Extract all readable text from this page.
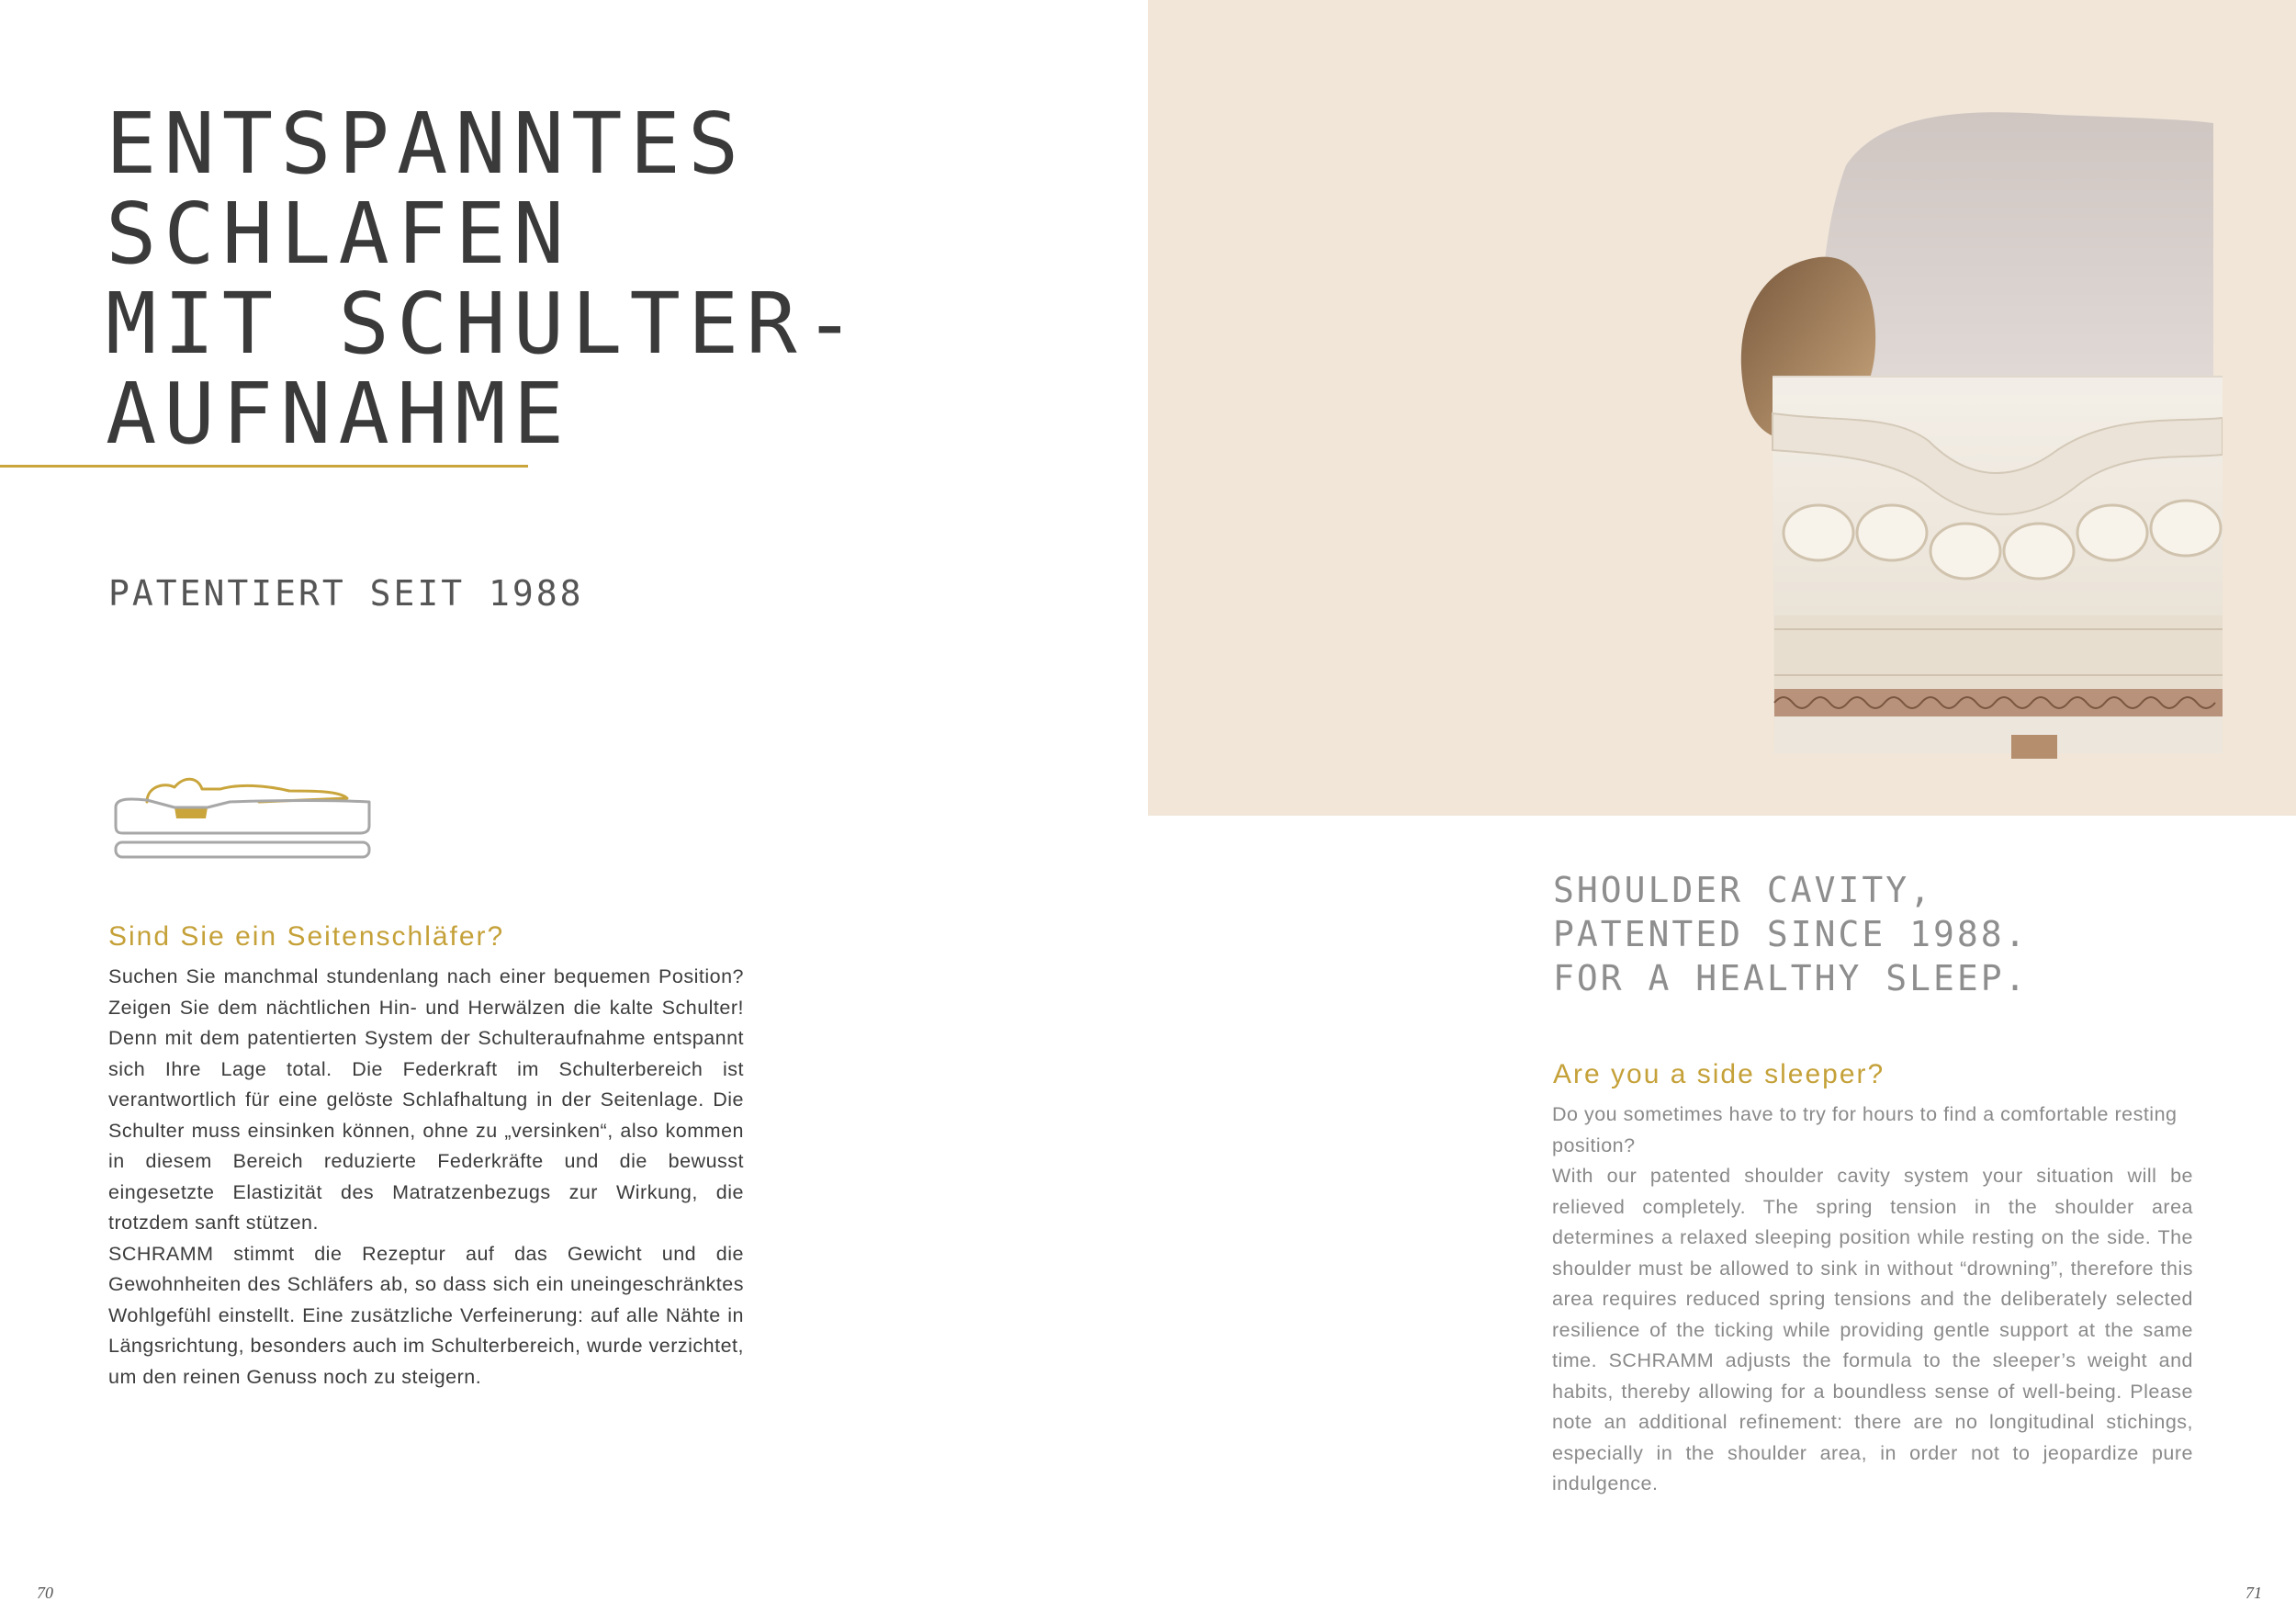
ENTSPANNTES
SCHLAFEN
MIT SCHULTER-
AUFNAHME
PATENTIERT SEIT 1988
Sind Sie ein Seitenschläfer?

Suchen Sie manchmal stundenlang nach einer bequemen Position? Zeigen Sie dem nächtlichen Hin- und Herwälzen die kalte Schulter! Denn mit dem patentierten System der Schulteraufnahme entspannt sich Ihre Lage total. Die Federkraft im Schulterbereich ist verantwortlich für eine gelöste Schlafhaltung in der Seitenlage. Die Schulter muss einsinken können, ohne zu „versinken“, also kommen in diesem Bereich reduzierte Federkräfte und die bewusst eingesetzte Elastizität des Matratzenbezugs zur Wirkung, die trotzdem sanft stützen.

SCHRAMM stimmt die Rezeptur auf das Gewicht und die Gewohnheiten des Schläfers ab, so dass sich ein uneingeschränktes Wohlgefühl einstellt. Eine zusätzliche Verfeinerung: auf alle Nähte in Längsrichtung, besonders auch im Schulterbereich, wurde verzichtet, um den reinen Genuss noch zu steigern.

70

SHOULDER CAVITY,
PATENTED SINCE 1988.
FOR A HEALTHY SLEEP.
Are you a side sleeper?

Do you sometimes have to try for hours to find a comfortable resting position?

With our patented shoulder cavity system your situation will be relieved completely. The spring tension in the shoulder area determines a relaxed sleeping position while resting on the side. The shoulder must be allowed to sink in without “drowning”, therefore this area requires reduced spring tensions and the deliberately selected resilience of the ticking while providing gentle support at the same time. SCHRAMM adjusts the formula to the sleeper’s weight and habits, thereby allowing for a boundless sense of well-being. Please note an additional refinement: there are no longitudinal stichings, especially in the shoulder area, in order not to jeopardize pure indulgence.

71
